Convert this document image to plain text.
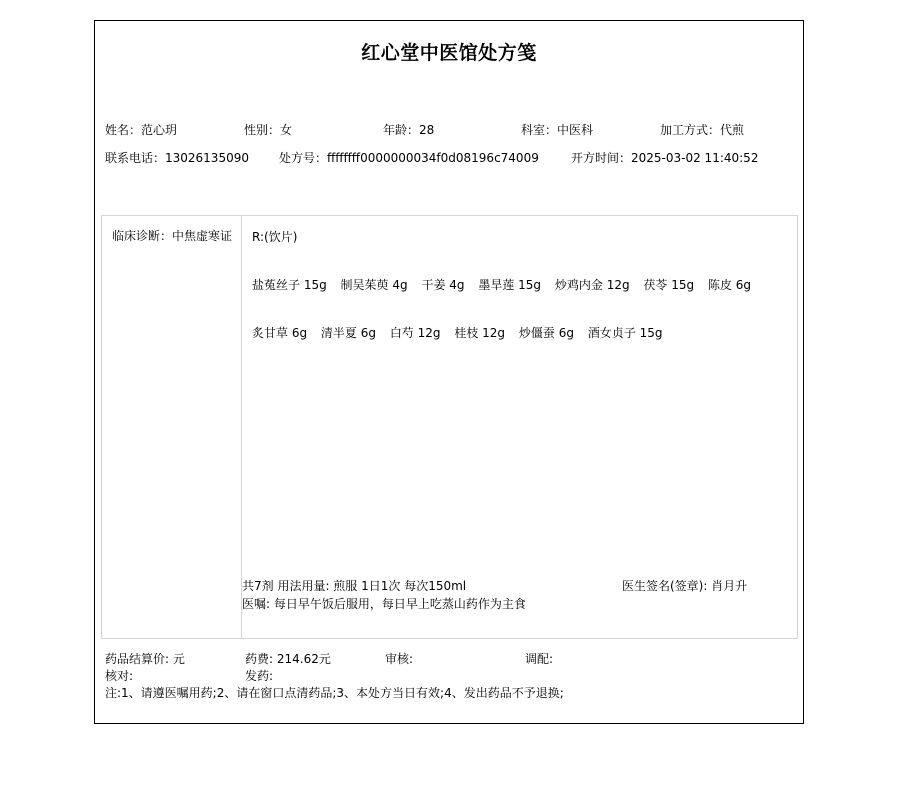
红心堂中医馆处方笺
姓名：范心玥	性别：女	年龄：28	科室：中医科	加工方式：代煎
联系电话：13026135090	处方号：ffffffff0000000034f0d08196c74009	开方时间：2025-03-02 11:40:52
临床诊断：中焦虚寒证	R:(饮片)
盐菟丝子 15g 制吴茱萸 4g 干姜 4g 墨旱莲 15g 炒鸡内金 12g 茯苓 15g 陈皮 6g
炙甘草 6g 清半夏 6g 白芍 12g 桂枝 12g 炒僵蚕 6g 酒女贞子 15g
共7剂 用法用量: 煎服 1日1次 每次150ml
医嘱: 每日早午饭后服用，每日早上吃蒸山药作为主食
医生签名(签章): 肖月升
药品结算价: 元	药费: 214.62元	审核:	调配:
核对:	发药:
注:1、请遵医嘱用药;2、请在窗口点清药品;3、本处方当日有效;4、发出药品不予退换;
